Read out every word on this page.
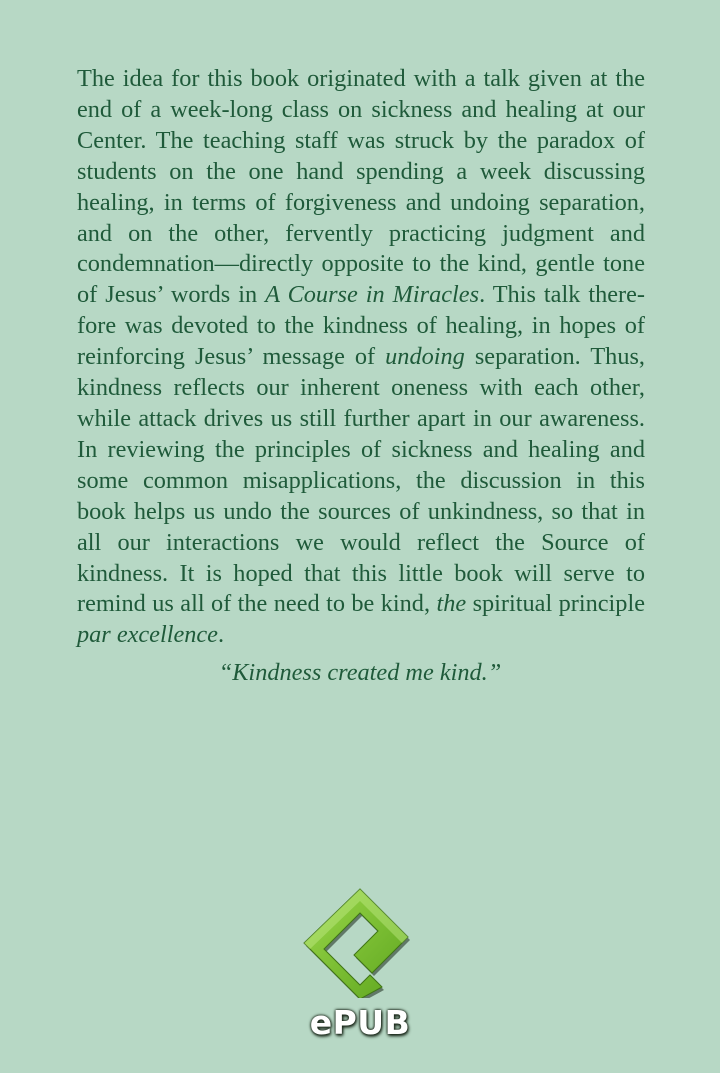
The idea for this book originated with a talk given at the end of a week-long class on sickness and healing at our Center. The teaching staff was struck by the paradox of students on the one hand spending a week discussing healing, in terms of forgiveness and undoing separation, and on the other, fervently practicing judgment and condemnation—directly opposite to the kind, gentle tone of Jesus’ words in A Course in Miracles. This talk therefore was devoted to the kindness of healing, in hopes of reinforcing Jesus’ message of undoing separation. Thus, kindness reflects our inherent oneness with each other, while attack drives us still further apart in our awareness. In reviewing the principles of sickness and healing and some common misapplications, the discussion in this book helps us undo the sources of unkindness, so that in all our interactions we would reflect the Source of kindness. It is hoped that this little book will serve to remind us all of the need to be kind, the spiritual principle par excellence.

“Kindness created me kind.”

ePUB
